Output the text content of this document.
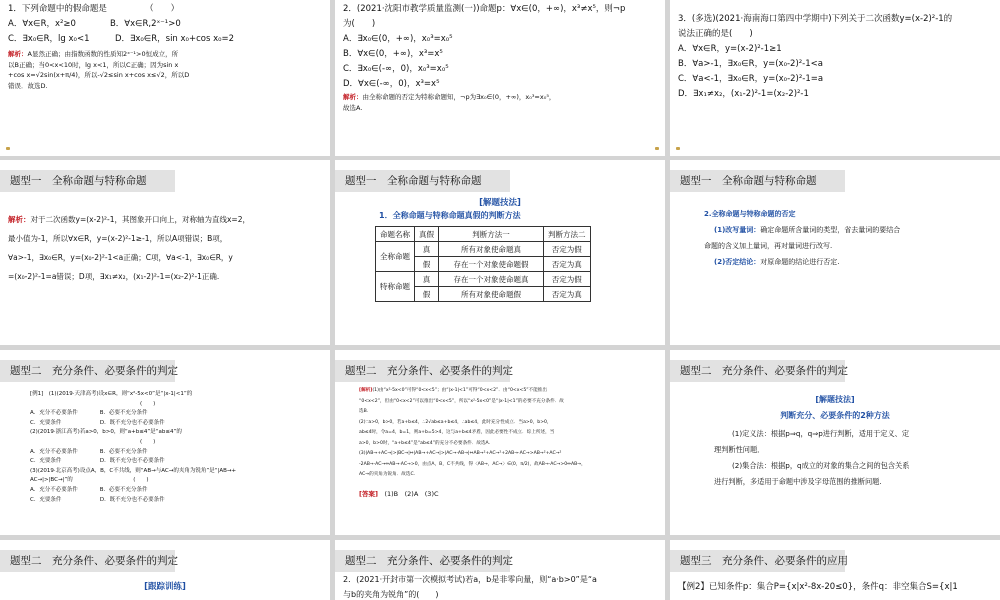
1．下列命题中的假命题是　　　　　（　　）
A．∀x∈R，x²≥0　　　　B．∀x∈R,2ˣ⁻¹>0
C．∃x₀∈R，lg x₀<1　　　D．∃x₀∈R，sin x₀+cos x₀=2
解析：A显然正确；由指数函数的性质知2ˣ⁻¹>0恒成立，所
以B正确；当0<x<10时，lg x<1，所以C正确；因为sin x
+cos x=√2sin(x+π/4)，所以-√2≤sin x+cos x≤√2，所以D
错误．故选D.
2．(2021·沈阳市教学质量监测(一))命题p：∀x∈(0，+∞)，x³≠x⁵，则¬p
为(　　)
A．∃x₀∈(0，+∞)，x₀³=x₀⁵
B．∀x∈(0，+∞)，x³=x⁵
C．∃x₀∈(-∞，0)，x₀³=x₀⁵
D．∀x∈(-∞，0)，x³=x⁵
解析：由全称命题的否定为特称命题知，¬p为∃x₀∈(0，+∞)，x₀³=x₀⁵，
故选A.
3．(多选)(2021·海南海口第四中学期中)下列关于二次函数y=(x-2)²-1的
说法正确的是(　　)
A．∀x∈R，y=(x-2)²-1≥1
B．∀a>-1，∃x₀∈R，y=(x₀-2)²-1<a
C．∀a<-1，∃x₀∈R，y=(x₀-2)²-1=a
D．∃x₁≠x₂，(x₁-2)²-1=(x₂-2)²-1
题型一　全称命题与特称命题
解析：对于二次函数y=(x-2)²-1，其图象开口向上，对称轴为直线x=2，
最小值为-1，所以∀x∈R，y=(x-2)²-1≥-1，所以A项错误；B项，
∀a>-1，∃x₀∈R，y=(x₀-2)²-1<a正确；C项，∀a<-1，∃x₀∈R，y
=(x₀-2)²-1=a错误；D项，∃x₁≠x₂，(x₁-2)²-1=(x₂-2)²-1正确.
题型一　全称命题与特称命题
[解题技法]
1．全称命题与特称命题真假的判断方法
命题名称	真假	判断方法一	判断方法二
全称命题	真	所有对象使命题真	否定为假
	假	存在一个对象使命题假	否定为真
特称命题	真	存在一个对象使命题真	否定为假
	假	所有对象使命题假	否定为真
题型一　全称命题与特称命题
2.全称命题与特称命题的否定
(1)改写量词：确定命题所含量词的类型，省去量词的要结合
命题的含义加上量词，再对量词进行改写.
(2)否定结论：对原命题的结论进行否定.
题型二　充分条件、必要条件的判定
[例1]　(1)(2019·天津高考)设x∈R，则“x²-5x<0”是“|x-1|<1”的
　　　　　　　　　　　　　　　　　　　　(　　)
A．充分不必要条件　　　　B．必要不充分条件
C．充要条件　　　　　　　D．既不充分也不必要条件
(2)(2019·浙江高考)若a>0，b>0，则“a+b≤4”是“ab≤4”的
　　　　　　　　　　　　　　　　　　　　(　　)
A．充分不必要条件　　　　B．必要不充分条件
C．充要条件　　　　　　　D．既不充分也不必要条件
(3)(2019·北京高考)设点A，B，C不共线，则“AB→与AC→的夹角为锐角”是“|AB→+
AC→|>|BC→|”的　　　　　　　　　　　(　　)
A．充分不必要条件　　　　B．必要不充分条件
C．充要条件　　　　　　　D．既不充分也不必要条件
题型二　充分条件、必要条件的判定
[解析](1)由“x²-5x<0”可得“0<x<5”；由“|x-1|<1”可得“0<x<2”．由“0<x<5”不能推出
“0<x<2”，但由“0<x<2”可以推出“0<x<5”，所以“x²-5x<0”是“|x-1|<1”的必要不充分条件．故
选B.
(2)∵a>0，b>0，若a+b≤4，∴2√ab≤a+b≤4，∴ab≤4，此时充分性成立．当a>0，b>0，
ab≤4时，令a=4，b=1，则a+b=5>4，这与a+b≤4矛盾，因此必要性不成立．综上所述，当
a>0，b>0时，“a+b≤4”是“ab≤4”的充分不必要条件．故选A.
(3)|AB→+AC→|>|BC→|⇔|AB→+AC→|>|AC→-AB→|⇔AB→²+AC→²+2AB→·AC→>AB→²+AC→²
-2AB→·AC→⇔AB→·AC→>0，由点A，B，C不共线，得〈AB→，AC→〉∈(0，π/2)，故AB→·AC→>0⇔AB→，
AC→的夹角为锐角．故选C.
[答案]　 (1)B　(2)A　(3)C
题型二　充分条件、必要条件的判定
[解题技法]
判断充分、必要条件的2种方法
(1)定义法：根据p⇒q，q⇒p进行判断，适用于定义、定
理判断性问题．
(2)集合法：根据p，q成立的对象的集合之间的包含关系
进行判断，多适用于命题中涉及字母范围的推断问题.
题型二　充分条件、必要条件的判定
[跟踪训练]
题型二　充分条件、必要条件的判定
2．(2021·开封市第一次模拟考试)若a，b是非零向量，则“a·b>0”是“a
与b的夹角为锐角”的(　　)
题型三　充分条件、必要条件的应用
【例2】已知条件p：集合P={x|x²-8x-20≤0}，条件q：非空集合S={x|1
